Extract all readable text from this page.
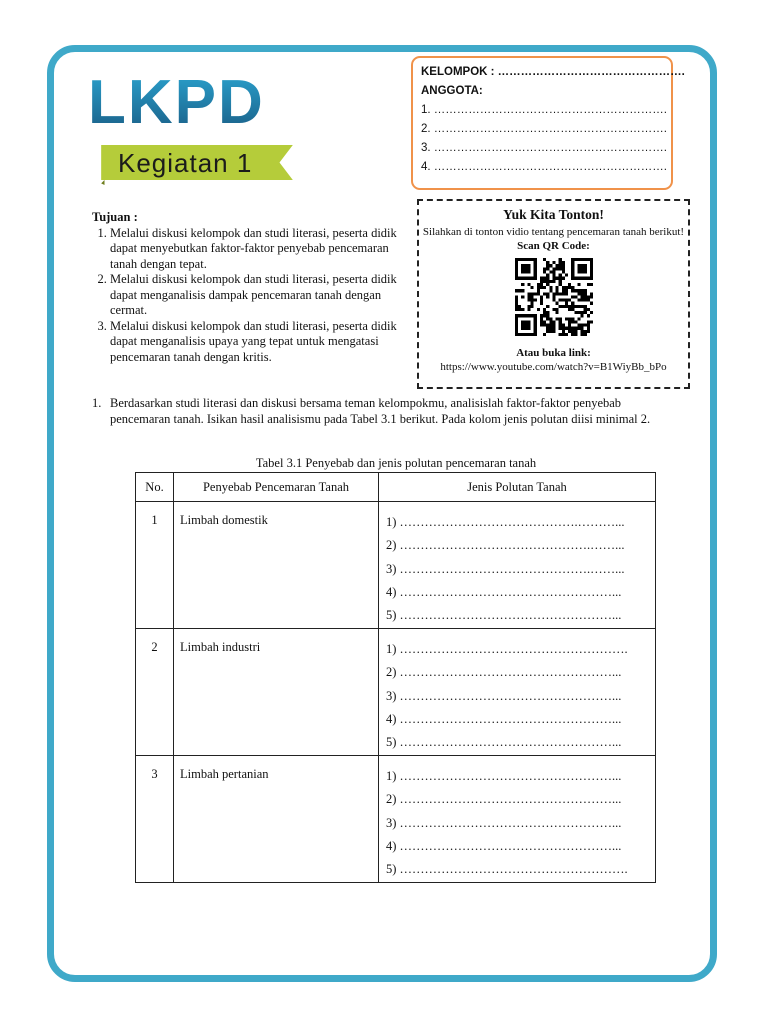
LKPD
Kegiatan 1
KELOMPOK : ………………………………………….
ANGGOTA:
1. …………………………………………………….
2. …………………………………………………….
3. …………………………………………………….
4. …………………………………………………….
Tujuan :
1. Melalui diskusi kelompok dan studi literasi, peserta didik dapat menyebutkan faktor-faktor penyebab pencemaran tanah dengan tepat.
2. Melalui diskusi kelompok dan studi literasi, peserta didik dapat menganalisis dampak pencemaran tanah dengan cermat.
3. Melalui diskusi kelompok dan studi literasi, peserta didik dapat menganalisis upaya yang tepat untuk mengatasi pencemaran tanah dengan kritis.
Yuk Kita Tonton!
Silahkan di tonton vidio tentang pencemaran tanah berikut!
Scan QR Code:
Atau buka link:
https://www.youtube.com/watch?v=B1WiyBb_bPo
1. Berdasarkan studi literasi dan diskusi bersama teman kelompokmu, analisislah faktor-faktor penyebab pencemaran tanah. Isikan hasil analisismu pada Tabel 3.1 berikut. Pada kolom jenis polutan diisi minimal 2.
Tabel 3.1 Penyebab dan jenis polutan pencemaran tanah
No.	Penyebab Pencemaran Tanah	Jenis Polutan Tanah
1	Limbah domestik	1) …………………………………….………...
2) ……………………………………….……...
3) ……………………………………….……...
4) ……………………………………………...
5) ……………………………………………...

2	Limbah industri	1) ……………………………………………….
2) ……………………………………………...
3) ……………………………………………...
4) ……………………………………………...
5) ……………………………………………...

3	Limbah pertanian	1) ……………………………………………...
2) ……………………………………………...
3) ……………………………………………...
4) ……………………………………………...
5) ……………………………………………….
